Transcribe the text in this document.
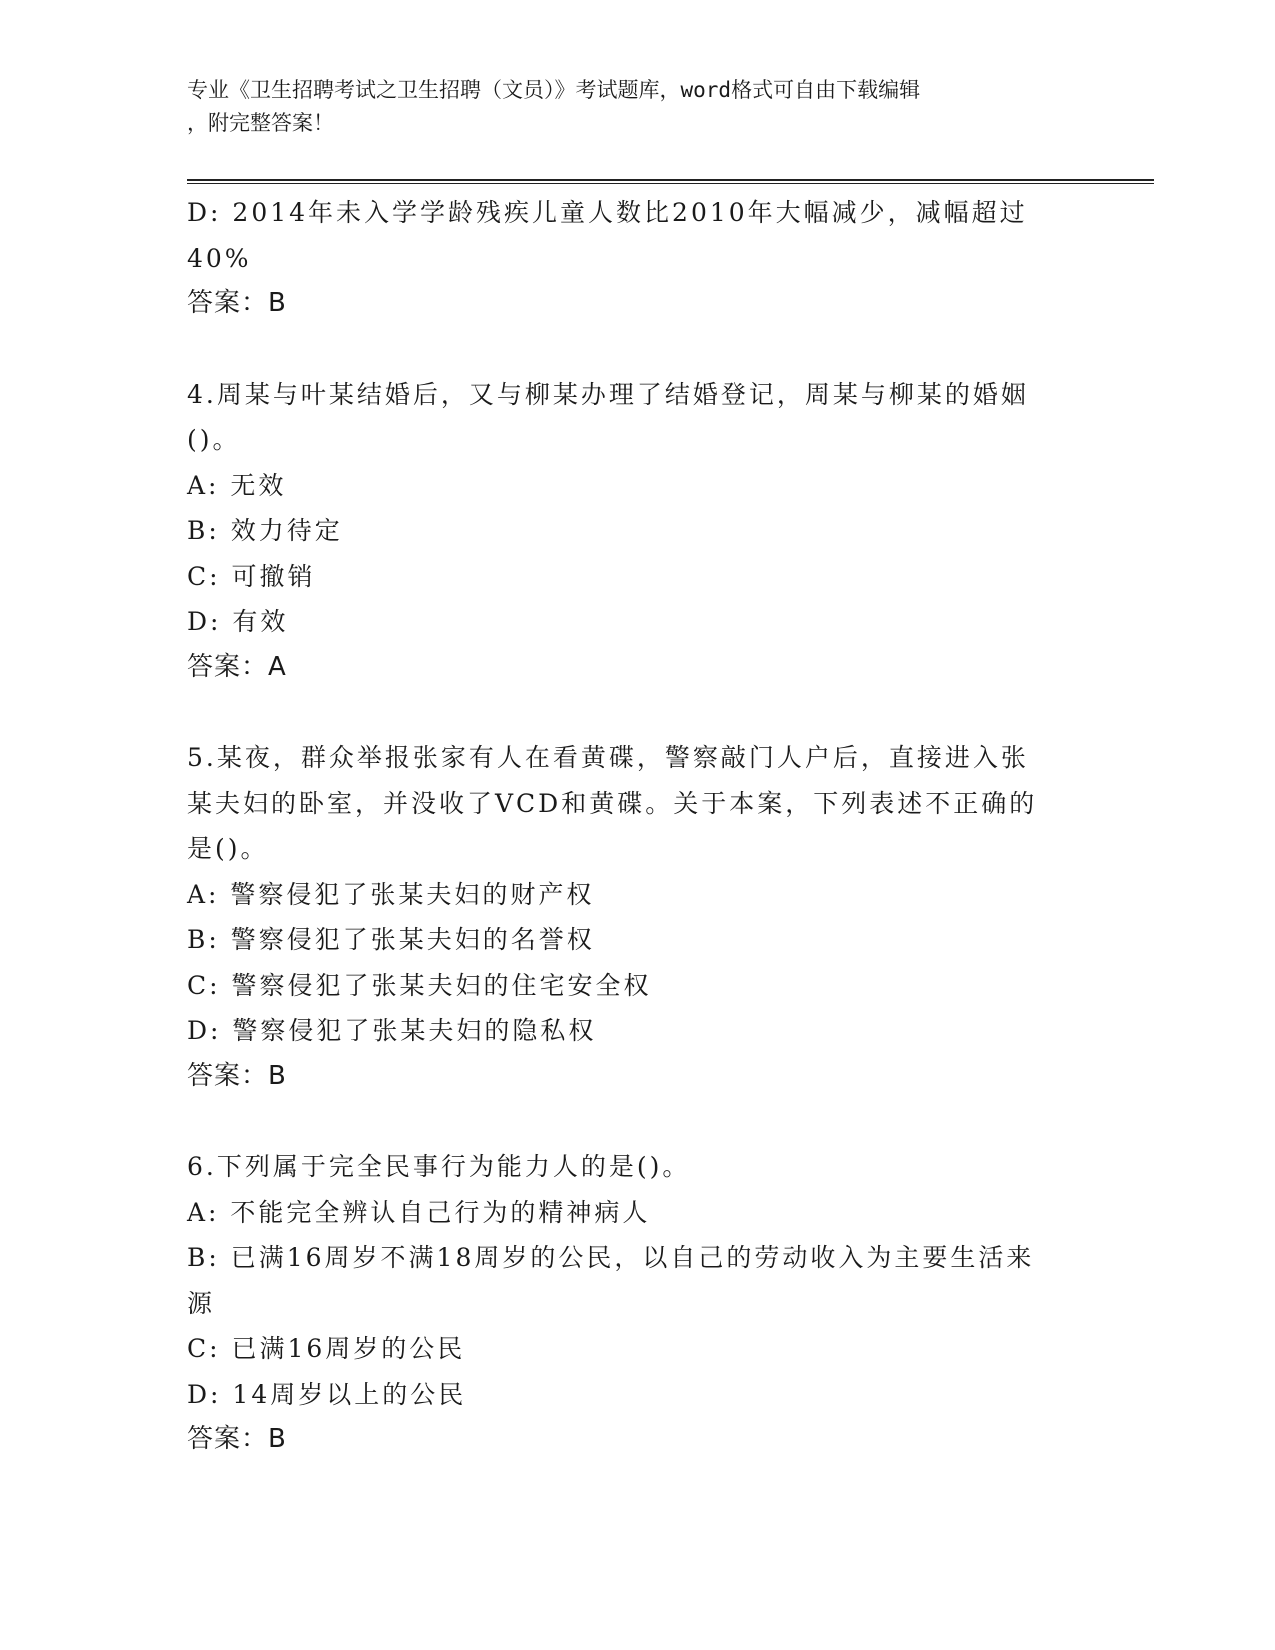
专业《卫生招聘考试之卫生招聘（文员）》考试题库，word格式可自由下载编辑
，附完整答案！
D: 2014年未入学学龄残疾儿童人数比2010年大幅减少，减幅超过
40%
答案：B
4.周某与叶某结婚后，又与柳某办理了结婚登记，周某与柳某的婚姻
()。
A: 无效
B: 效力待定
C: 可撤销
D: 有效
答案：A
5.某夜，群众举报张家有人在看黄碟，警察敲门人户后，直接进入张
某夫妇的卧室，并没收了VCD和黄碟。关于本案，下列表述不正确的
是()。
A: 警察侵犯了张某夫妇的财产权
B: 警察侵犯了张某夫妇的名誉权
C: 警察侵犯了张某夫妇的住宅安全权
D: 警察侵犯了张某夫妇的隐私权
答案：B
6.下列属于完全民事行为能力人的是()。
A: 不能完全辨认自己行为的精神病人
B: 已满16周岁不满18周岁的公民，以自己的劳动收入为主要生活来
源
C: 已满16周岁的公民
D: 14周岁以上的公民
答案：B
